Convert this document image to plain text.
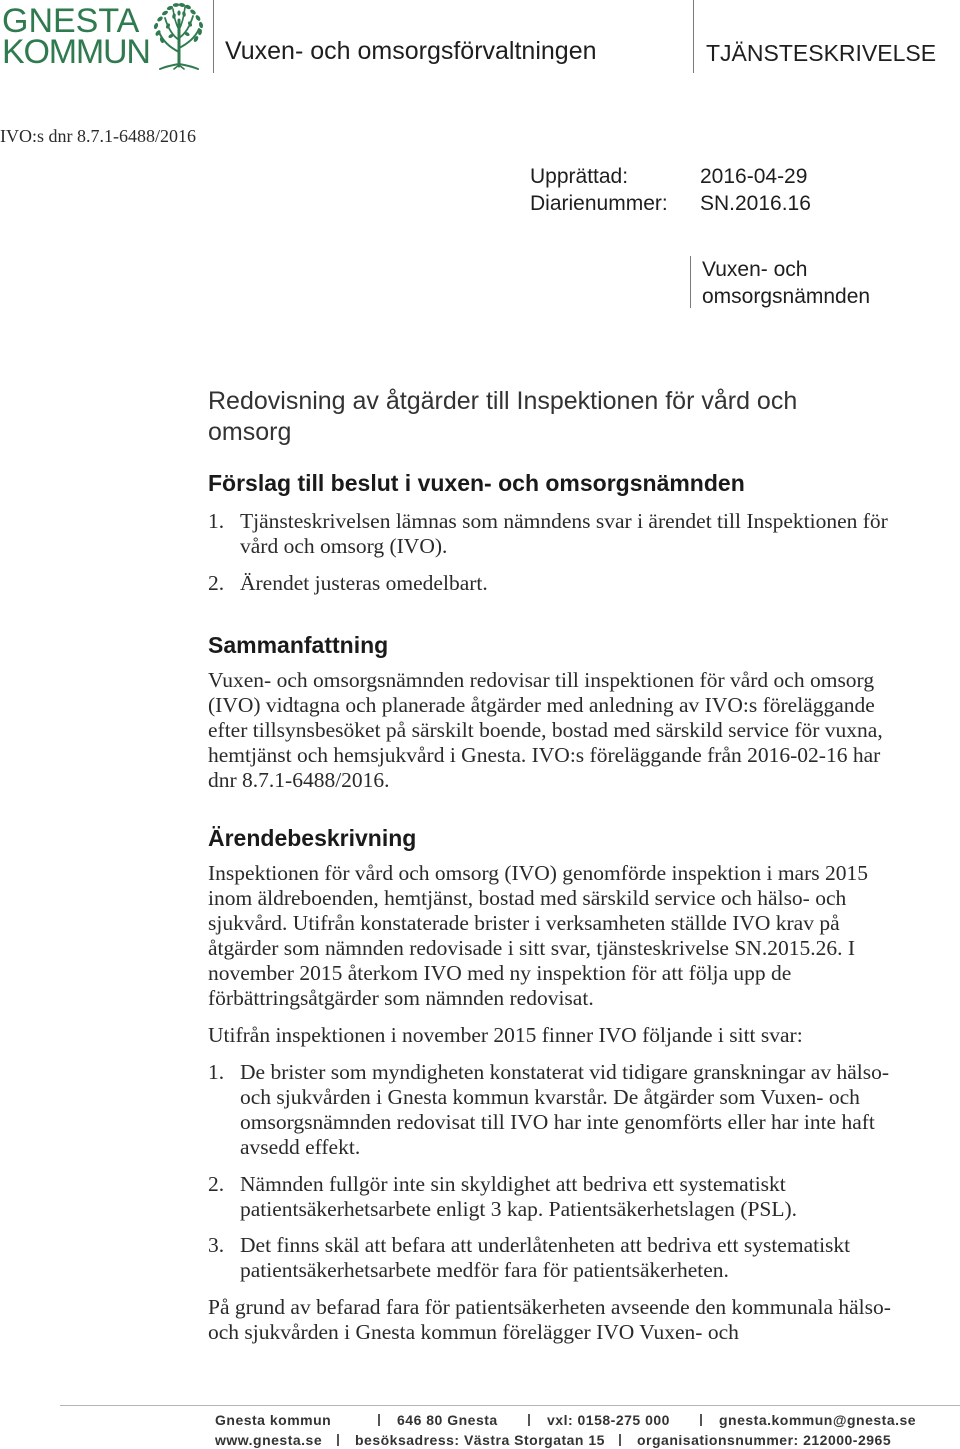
GNESTA
KOMMUN	Vuxen- och omsorgsförvaltningen	TJÄNSTESKRIVELSE
IVO:s dnr 8.7.1-6488/2016
Upprättad:	2016-04-29
Diarienummer: SN.2016.16
Vuxen- och
omsorgsnämnden
Redovisning av åtgärder till Inspektionen för vård och
omsorg
Förslag till beslut i vuxen- och omsorgsnämnden
1. Tjänsteskrivelsen lämnas som nämndens svar i ärendet till Inspektionen för
vård och omsorg (IVO).
2. Ärendet justeras omedelbart.
Sammanfattning
Vuxen- och omsorgsnämnden redovisar till inspektionen för vård och omsorg
(IVO) vidtagna och planerade åtgärder med anledning av IVO:s föreläggande
efter tillsynsbesöket på särskilt boende, bostad med särskild service för vuxna,
hemtjänst och hemsjukvård i Gnesta. IVO:s föreläggande från 2016-02-16 har
dnr 8.7.1-6488/2016.
Ärendebeskrivning
Inspektionen för vård och omsorg (IVO) genomförde inspektion i mars 2015
inom äldreboenden, hemtjänst, bostad med särskild service och hälso- och
sjukvård. Utifrån konstaterade brister i verksamheten ställde IVO krav på
åtgärder som nämnden redovisade i sitt svar, tjänsteskrivelse SN.2015.26. I
november 2015 återkom IVO med ny inspektion för att följa upp de
förbättringsåtgärder som nämnden redovisat.
Utifrån inspektionen i november 2015 finner IVO följande i sitt svar:
1. De brister som myndigheten konstaterat vid tidigare granskningar av hälso-
och sjukvården i Gnesta kommun kvarstår. De åtgärder som Vuxen- och
omsorgsnämnden redovisat till IVO har inte genomförts eller har inte haft
avsedd effekt.
2. Nämnden fullgör inte sin skyldighet att bedriva ett systematiskt
patientsäkerhetsarbete enligt 3 kap. Patientsäkerhetslagen (PSL).
3. Det finns skäl att befara att underlåtenheten att bedriva ett systematiskt
patientsäkerhetsarbete medför fara för patientsäkerheten.
På grund av befarad fara för patientsäkerheten avseende den kommunala hälso-
och sjukvården i Gnesta kommun förelägger IVO Vuxen- och
Gnesta kommun	646 80 Gnesta	vxl: 0158-275 000	gnesta.kommun@gnesta.se
www.gnesta.se besöksadress: Västra Storgatan 15 organisationsnummer: 212000-2965
